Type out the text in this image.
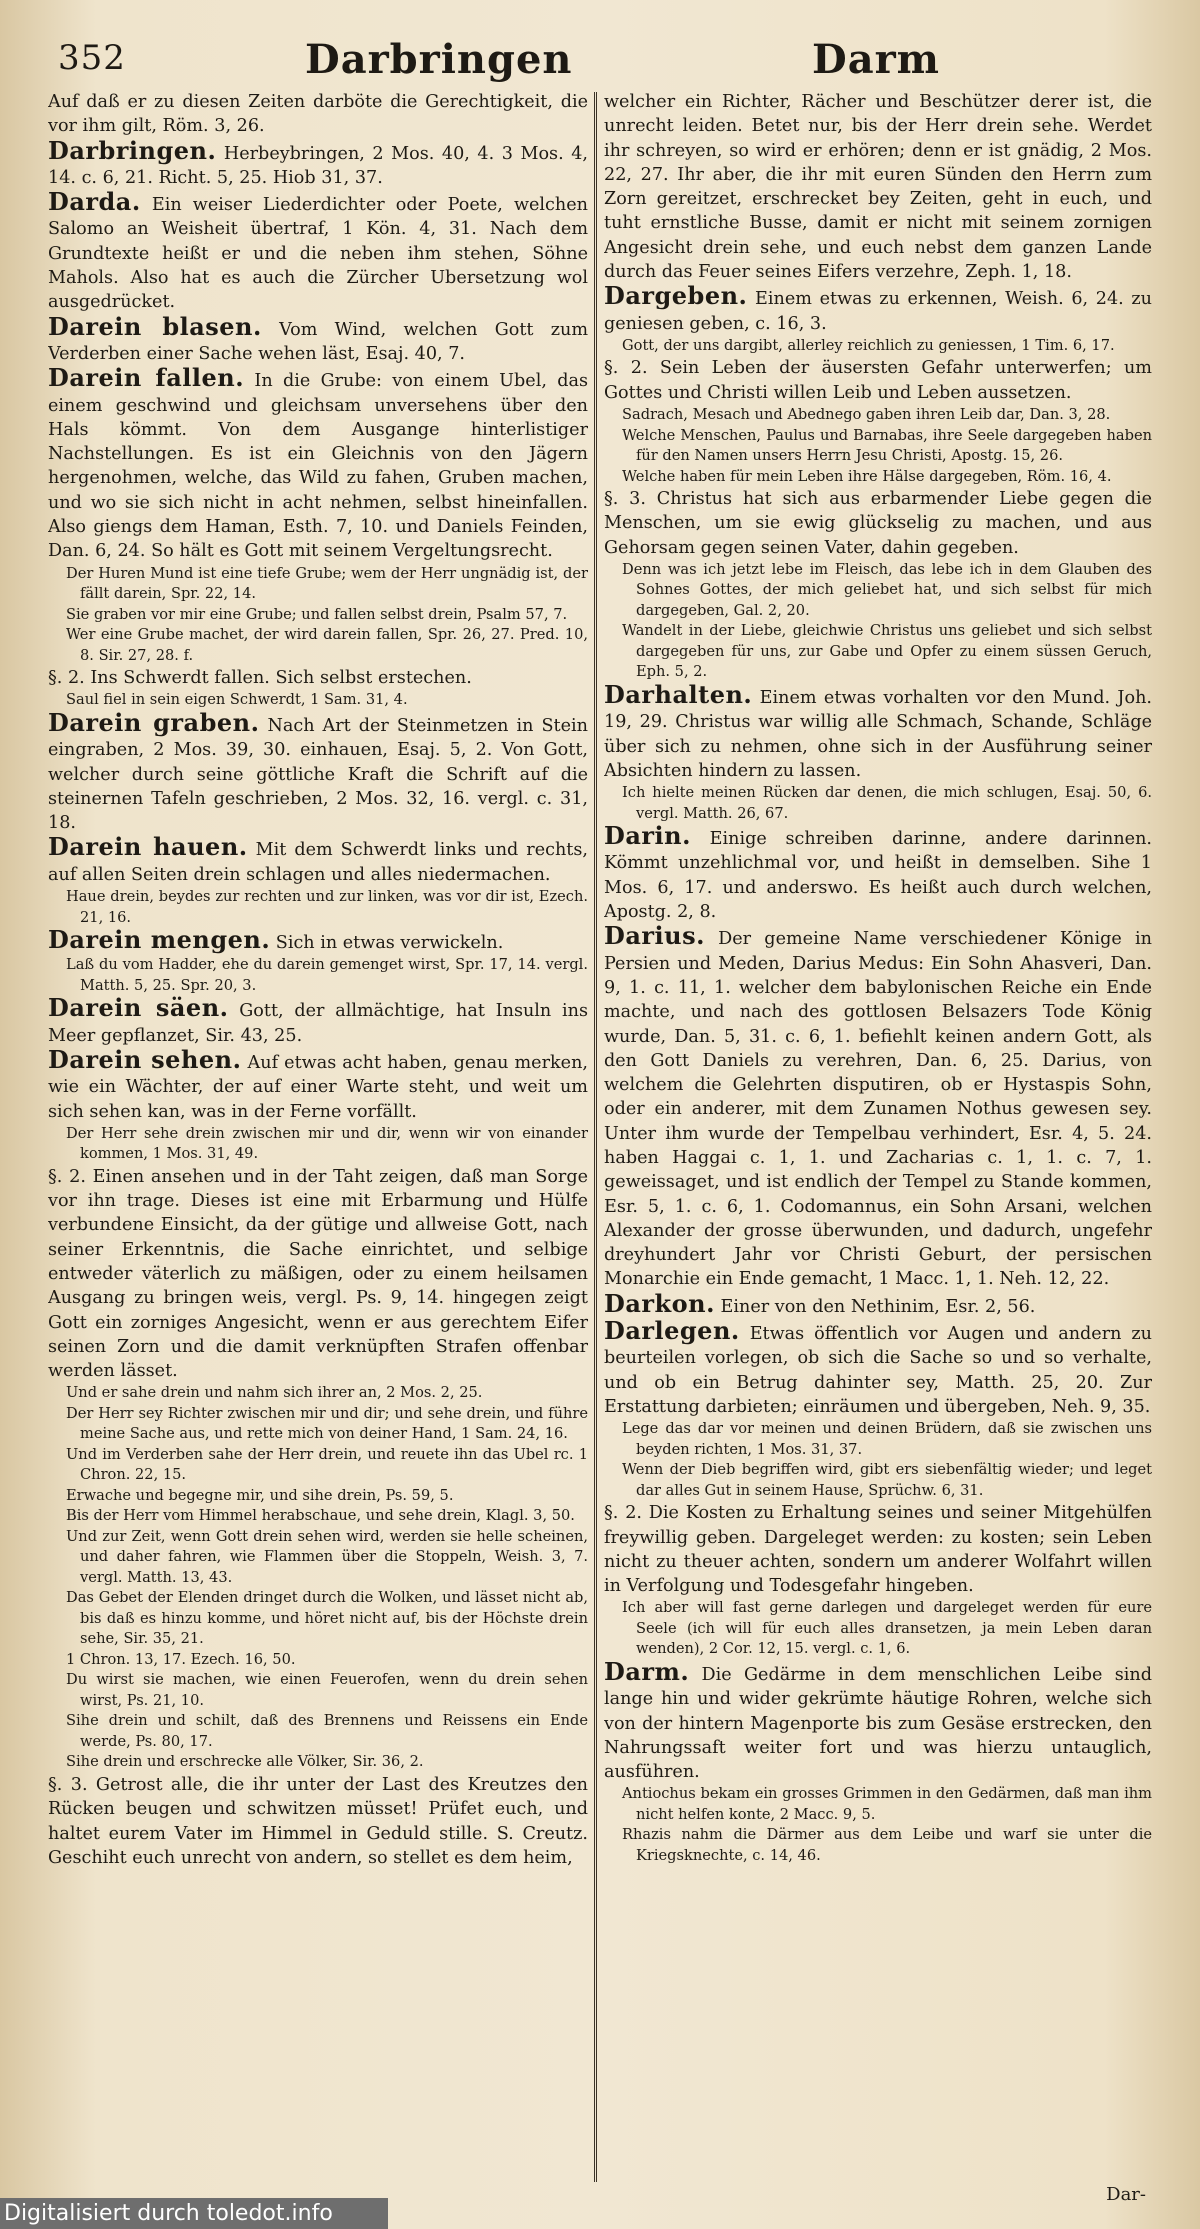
352	Darbringen	Darm

Auf daß er zu diesen Zeiten darböte die Gerechtigkeit, die vor ihm gilt, Röm. 3, 26.

Darbringen. Herbeybringen, 2 Mos. 40, 4. 3 Mos. 4, 14. c. 6, 21. Richt. 5, 25. Hiob 31, 37.

Darda. Ein weiser Liederdichter oder Poete, welchen Salomo an Weisheit übertraf, 1 Kön. 4, 31. Nach dem Grundtexte heißt er und die neben ihm stehen, Söhne Mahols. Also hat es auch die Zürcher Ubersetzung wol ausgedrücket.

Darein blasen. Vom Wind, welchen Gott zum Verderben einer Sache wehen läst, Esaj. 40, 7.

Darein fallen. In die Grube: von einem Ubel, das einem geschwind und gleichsam unversehens über den Hals kömmt. Von dem Ausgange hinterlistiger Nachstellungen. Es ist ein Gleichnis von den Jägern hergenohmen, welche, das Wild zu fahen, Gruben machen, und wo sie sich nicht in acht nehmen, selbst hineinfallen. Also giengs dem Haman, Esth. 7, 10. und Daniels Feinden, Dan. 6, 24. So hält es Gott mit seinem Vergeltungsrecht.

Der Huren Mund ist eine tiefe Grube; wem der Herr ungnädig ist, der fällt darein, Spr. 22, 14.

Sie graben vor mir eine Grube; und fallen selbst drein, Psalm 57, 7.

Wer eine Grube machet, der wird darein fallen, Spr. 26, 27. Pred. 10, 8. Sir. 27, 28. f.

§. 2. Ins Schwerdt fallen. Sich selbst erstechen.

Saul fiel in sein eigen Schwerdt, 1 Sam. 31, 4.

Darein graben. Nach Art der Steinmetzen in Stein eingraben, 2 Mos. 39, 30. einhauen, Esaj. 5, 2. Von Gott, welcher durch seine göttliche Kraft die Schrift auf die steinernen Tafeln geschrieben, 2 Mos. 32, 16. vergl. c. 31, 18.

Darein hauen. Mit dem Schwerdt links und rechts, auf allen Seiten drein schlagen und alles niedermachen.

Haue drein, beydes zur rechten und zur linken, was vor dir ist, Ezech. 21, 16.

Darein mengen. Sich in etwas verwickeln.

Laß du vom Hadder, ehe du darein gemenget wirst, Spr. 17, 14. vergl. Matth. 5, 25. Spr. 20, 3.

Darein säen. Gott, der allmächtige, hat Insuln ins Meer gepflanzet, Sir. 43, 25.

Darein sehen. Auf etwas acht haben, genau merken, wie ein Wächter, der auf einer Warte steht, und weit um sich sehen kan, was in der Ferne vorfällt.

Der Herr sehe drein zwischen mir und dir, wenn wir von einander kommen, 1 Mos. 31, 49.

§. 2. Einen ansehen und in der Taht zeigen, daß man Sorge vor ihn trage. Dieses ist eine mit Erbarmung und Hülfe verbundene Einsicht, da der gütige und allweise Gott, nach seiner Erkenntnis, die Sache einrichtet, und selbige entweder väterlich zu mäßigen, oder zu einem heilsamen Ausgang zu bringen weis, vergl. Ps. 9, 14. hingegen zeigt Gott ein zorniges Angesicht, wenn er aus gerechtem Eifer seinen Zorn und die damit verknüpften Strafen offenbar werden lässet.

Und er sahe drein und nahm sich ihrer an, 2 Mos. 2, 25.

Der Herr sey Richter zwischen mir und dir; und sehe drein, und führe meine Sache aus, und rette mich von deiner Hand, 1 Sam. 24, 16.

Und im Verderben sahe der Herr drein, und reuete ihn das Ubel rc. 1 Chron. 22, 15.

Erwache und begegne mir, und sihe drein, Ps. 59, 5.

Bis der Herr vom Himmel herabschaue, und sehe drein, Klagl. 3, 50.

Und zur Zeit, wenn Gott drein sehen wird, werden sie helle scheinen, und daher fahren, wie Flammen über die Stoppeln, Weish. 3, 7. vergl. Matth. 13, 43.

Das Gebet der Elenden dringet durch die Wolken, und lässet nicht ab, bis daß es hinzu komme, und höret nicht auf, bis der Höchste drein sehe, Sir. 35, 21.

1 Chron. 13, 17. Ezech. 16, 50.

Du wirst sie machen, wie einen Feuerofen, wenn du drein sehen wirst, Ps. 21, 10.

Sihe drein und schilt, daß des Brennens und Reissens ein Ende werde, Ps. 80, 17.

Sihe drein und erschrecke alle Völker, Sir. 36, 2.

§. 3. Getrost alle, die ihr unter der Last des Kreutzes den Rücken beugen und schwitzen müsset! Prüfet euch, und haltet eurem Vater im Himmel in Geduld stille. S. Creutz. Geschiht euch unrecht von andern, so stellet es dem heim,

welcher ein Richter, Rächer und Beschützer derer ist, die unrecht leiden. Betet nur, bis der Herr drein sehe. Werdet ihr schreyen, so wird er erhören; denn er ist gnädig, 2 Mos. 22, 27. Ihr aber, die ihr mit euren Sünden den Herrn zum Zorn gereitzet, erschrecket bey Zeiten, geht in euch, und tuht ernstliche Busse, damit er nicht mit seinem zornigen Angesicht drein sehe, und euch nebst dem ganzen Lande durch das Feuer seines Eifers verzehre, Zeph. 1, 18.

Dargeben. Einem etwas zu erkennen, Weish. 6, 24. zu geniesen geben, c. 16, 3.

Gott, der uns dargibt, allerley reichlich zu geniessen, 1 Tim. 6, 17.

§. 2. Sein Leben der äusersten Gefahr unterwerfen; um Gottes und Christi willen Leib und Leben aussetzen.

Sadrach, Mesach und Abednego gaben ihren Leib dar, Dan. 3, 28.

Welche Menschen, Paulus und Barnabas, ihre Seele dargegeben haben für den Namen unsers Herrn Jesu Christi, Apostg. 15, 26.

Welche haben für mein Leben ihre Hälse dargegeben, Röm. 16, 4.

§. 3. Christus hat sich aus erbarmender Liebe gegen die Menschen, um sie ewig glückselig zu machen, und aus Gehorsam gegen seinen Vater, dahin gegeben.

Denn was ich jetzt lebe im Fleisch, das lebe ich in dem Glauben des Sohnes Gottes, der mich geliebet hat, und sich selbst für mich dargegeben, Gal. 2, 20.

Wandelt in der Liebe, gleichwie Christus uns geliebet und sich selbst dargegeben für uns, zur Gabe und Opfer zu einem süssen Geruch, Eph. 5, 2.

Darhalten. Einem etwas vorhalten vor den Mund. Joh. 19, 29. Christus war willig alle Schmach, Schande, Schläge über sich zu nehmen, ohne sich in der Ausführung seiner Absichten hindern zu lassen.

Ich hielte meinen Rücken dar denen, die mich schlugen, Esaj. 50, 6. vergl. Matth. 26, 67.

Darin. Einige schreiben darinne, andere darinnen. Kömmt unzehlichmal vor, und heißt in demselben. Sihe 1 Mos. 6, 17. und anderswo. Es heißt auch durch welchen, Apostg. 2, 8.

Darius. Der gemeine Name verschiedener Könige in Persien und Meden, Darius Medus: Ein Sohn Ahasveri, Dan. 9, 1. c. 11, 1. welcher dem babylonischen Reiche ein Ende machte, und nach des gottlosen Belsazers Tode König wurde, Dan. 5, 31. c. 6, 1. befiehlt keinen andern Gott, als den Gott Daniels zu verehren, Dan. 6, 25. Darius, von welchem die Gelehrten disputiren, ob er Hystaspis Sohn, oder ein anderer, mit dem Zunamen Nothus gewesen sey. Unter ihm wurde der Tempelbau verhindert, Esr. 4, 5. 24. haben Haggai c. 1, 1. und Zacharias c. 1, 1. c. 7, 1. geweissaget, und ist endlich der Tempel zu Stande kommen, Esr. 5, 1. c. 6, 1. Codomannus, ein Sohn Arsani, welchen Alexander der grosse überwunden, und dadurch, ungefehr dreyhundert Jahr vor Christi Geburt, der persischen Monarchie ein Ende gemacht, 1 Macc. 1, 1. Neh. 12, 22.

Darkon. Einer von den Nethinim, Esr. 2, 56.

Darlegen. Etwas öffentlich vor Augen und andern zu beurteilen vorlegen, ob sich die Sache so und so verhalte, und ob ein Betrug dahinter sey, Matth. 25, 20. Zur Erstattung darbieten; einräumen und übergeben, Neh. 9, 35.

Lege das dar vor meinen und deinen Brüdern, daß sie zwischen uns beyden richten, 1 Mos. 31, 37.

Wenn der Dieb begriffen wird, gibt ers siebenfältig wieder; und leget dar alles Gut in seinem Hause, Sprüchw. 6, 31.

§. 2. Die Kosten zu Erhaltung seines und seiner Mitgehülfen freywillig geben. Dargeleget werden: zu kosten; sein Leben nicht zu theuer achten, sondern um anderer Wolfahrt willen in Verfolgung und Todesgefahr hingeben.

Ich aber will fast gerne darlegen und dargeleget werden für eure Seele (ich will für euch alles dransetzen, ja mein Leben daran wenden), 2 Cor. 12, 15. vergl. c. 1, 6.

Darm. Die Gedärme in dem menschlichen Leibe sind lange hin und wider gekrümte häutige Rohren, welche sich von der hintern Magenporte bis zum Gesäse erstrecken, den Nahrungssaft weiter fort und was hierzu untauglich, ausführen.

Antiochus bekam ein grosses Grimmen in den Gedärmen, daß man ihm nicht helfen konte, 2 Macc. 9, 5.

Rhazis nahm die Därmer aus dem Leibe und warf sie unter die Kriegsknechte, c. 14, 46.

Dar-
Digitalisiert durch toledot.info
